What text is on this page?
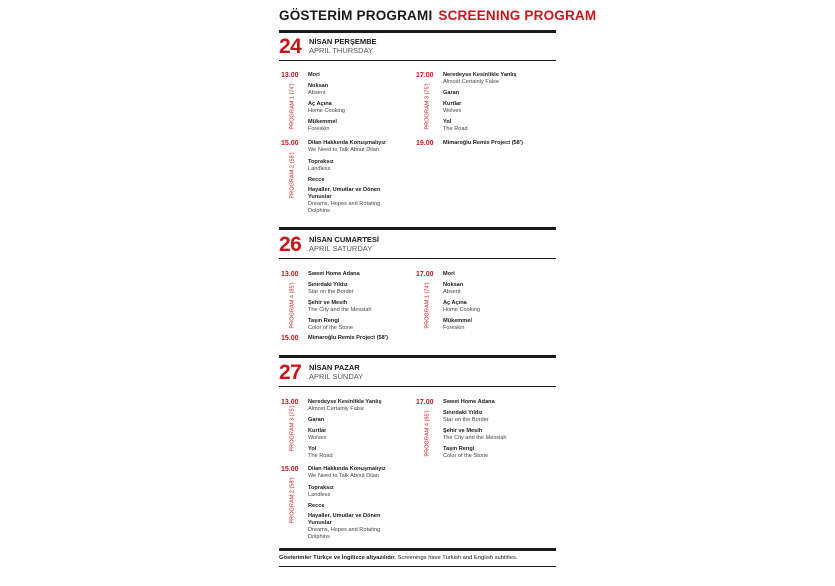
GÖSTERİM PROGRAMI SCREENING PROGRAM
24 NİSAN PERŞEMBE
APRIL THURSDAY
13.00
PROGRAM 1 (74')
Mori
Noksan
Absent
Aç Açına
Home Cooking
Mükemmel
Foreskin
15.00
PROGRAM 2 (58')
Dilan Hakkında Konuşmalıyız
We Need to Talk About Dilan
Topraksız
Landless
Recce
Hayaller, Umutlar ve Dönen Yunuslar
Dreams, Hopes and Rotating Dolphins
17.00
PROGRAM 3 (75')
Neredeyse Kesinlikle Yanlış
Almost Certainly False
Garan
Kurtlar
Wolves
Yol
The Road
19.00 Mimaroğlu Remix Project (58')
26 NİSAN CUMARTESİ
APRIL SATURDAY
13.00
PROGRAM 4 (85')
Sweet Home Adana
Sınırdaki Yıldız
Star on the Border
Şehir ve Mesih
The City and the Messiah
Taşın Rengi
Color of the Stone
15.00 Mimaroğlu Remix Project (58')
17.00
PROGRAM 1 (74')
Mori
Noksan
Absent
Aç Açına
Home Cooking
Mükemmel
Foreskin
27 NİSAN PAZAR
APRIL SUNDAY
13.00
PROGRAM 3 (75')
Neredeyse Kesinlikle Yanlış
Almost Certainly False
Garan
Kurtlar
Wolves
Yol
The Road
15.00
PROGRAM 2 (58')
Dilan Hakkında Konuşmalıyız
We Need to Talk About Dilan
Topraksız
Landless
Recce
Hayaller, Umutlar ve Dönen Yunuslar
Dreams, Hopes and Rotating Dolphins
17.00
PROGRAM 4 (85')
Sweet Home Adana
Sınırdaki Yıldız
Star on the Border
Şehir ve Mesih
The City and the Messiah
Taşın Rengi
Color of the Stone
Gösterimler Türkçe ve İngilizce altyazılıdır. Screenings have Turkish and English subtitles.
